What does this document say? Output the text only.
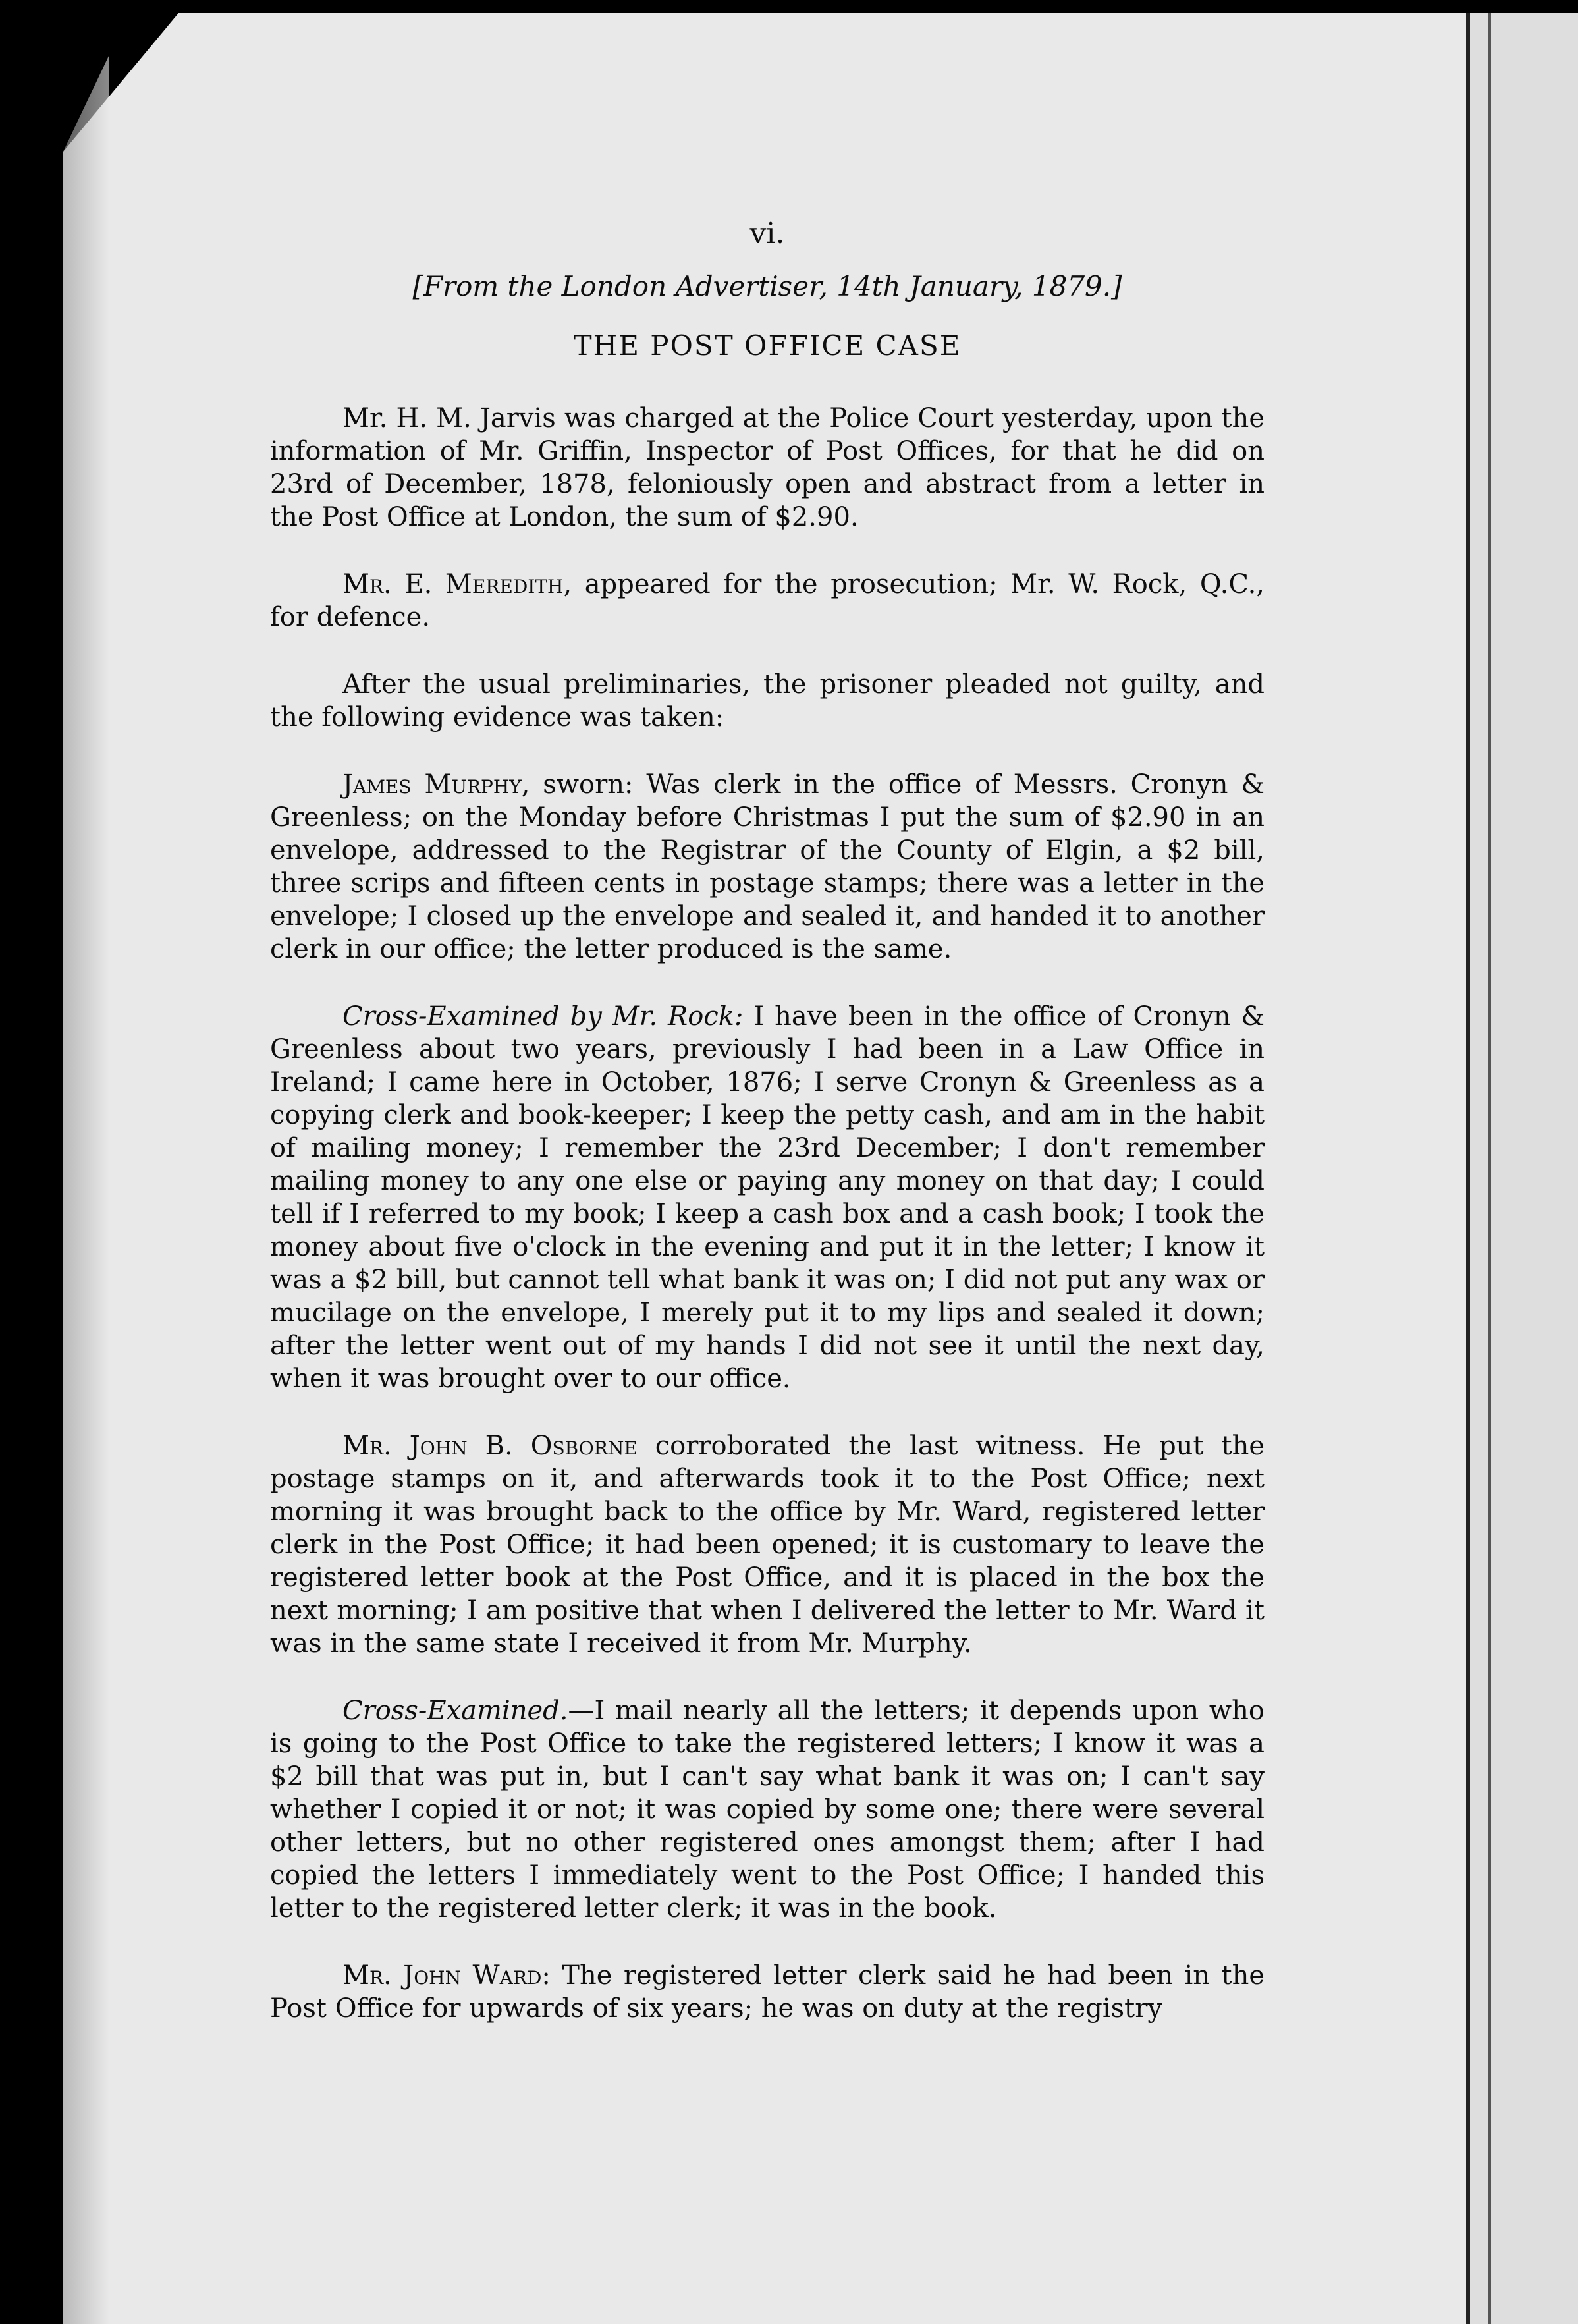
vi.
[From the London Advertiser, 14th January, 1879.]
THE POST OFFICE CASE

Mr. H. M. Jarvis was charged at the Police Court yesterday, upon the information of Mr. Griffin, Inspector of Post Offices, for that he did on 23rd of December, 1878, feloniously open and abstract from a letter in the Post Office at London, the sum of $2.90.

Mr. E. Meredith, appeared for the prosecution; Mr. W. Rock, Q.C., for defence.

After the usual preliminaries, the prisoner pleaded not guilty, and the following evidence was taken:

James Murphy, sworn: Was clerk in the office of Messrs. Cronyn & Greenless; on the Monday before Christmas I put the sum of $2.90 in an envelope, addressed to the Registrar of the County of Elgin, a $2 bill, three scrips and fifteen cents in postage stamps; there was a letter in the envelope; I closed up the envelope and sealed it, and handed it to another clerk in our office; the letter produced is the same.

Cross-Examined by Mr. Rock: I have been in the office of Cronyn & Greenless about two years, previously I had been in a Law Office in Ireland; I came here in October, 1876; I serve Cronyn & Greenless as a copying clerk and book-keeper; I keep the petty cash, and am in the habit of mailing money; I remember the 23rd December; I don't remember mailing money to any one else or paying any money on that day; I could tell if I referred to my book; I keep a cash box and a cash book; I took the money about five o'clock in the evening and put it in the letter; I know it was a $2 bill, but cannot tell what bank it was on; I did not put any wax or mucilage on the envelope, I merely put it to my lips and sealed it down; after the letter went out of my hands I did not see it until the next day, when it was brought over to our office.

Mr. John B. Osborne corroborated the last witness. He put the postage stamps on it, and afterwards took it to the Post Office; next morning it was brought back to the office by Mr. Ward, registered letter clerk in the Post Office; it had been opened; it is customary to leave the registered letter book at the Post Office, and it is placed in the box the next morning; I am positive that when I delivered the letter to Mr. Ward it was in the same state I received it from Mr. Murphy.

Cross-Examined.—I mail nearly all the letters; it depends upon who is going to the Post Office to take the registered letters; I know it was a $2 bill that was put in, but I can't say what bank it was on; I can't say whether I copied it or not; it was copied by some one; there were several other letters, but no other registered ones amongst them; after I had copied the letters I immediately went to the Post Office; I handed this letter to the registered letter clerk; it was in the book.

Mr. John Ward: The registered letter clerk said he had been in the Post Office for upwards of six years; he was on duty at the registry
